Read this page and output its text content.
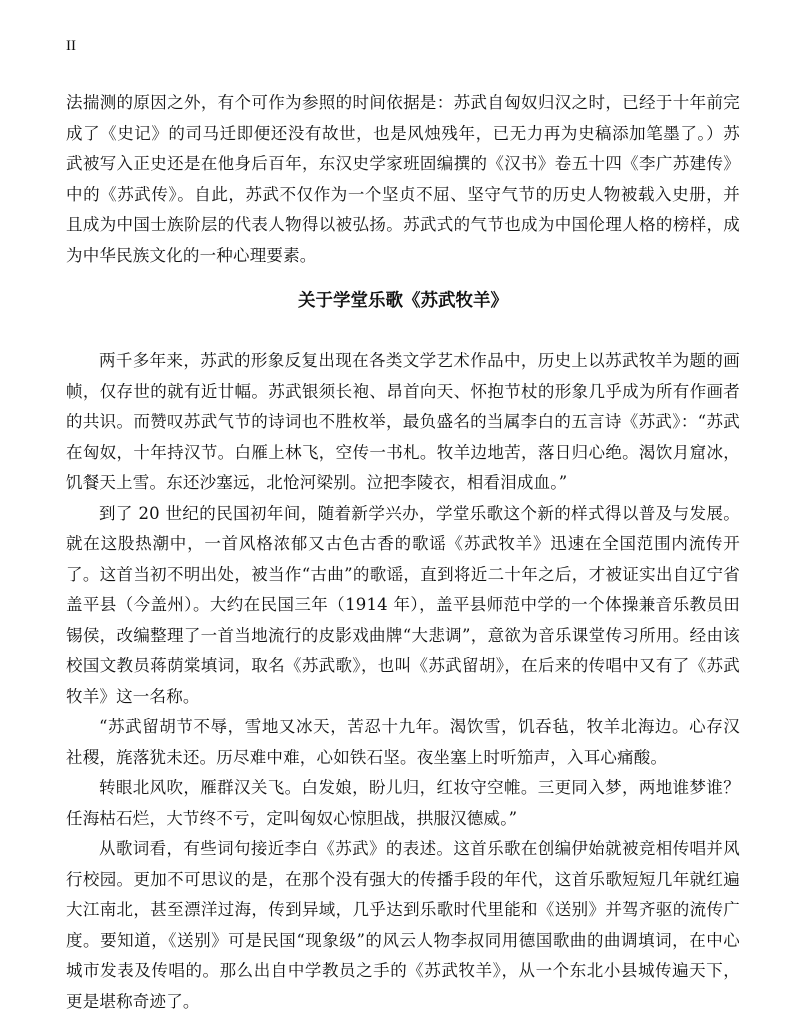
II

法揣测的原因之外，有个可作为参照的时间依据是：苏武自匈奴归汉之时，已经于十年前完成了《史记》的司马迁即便还没有故世，也是风烛残年，已无力再为史稿添加笔墨了。）苏武被写入正史还是在他身后百年，东汉史学家班固编撰的《汉书》卷五十四《李广苏建传》中的《苏武传》。自此，苏武不仅作为一个坚贞不屈、坚守气节的历史人物被载入史册，并且成为中国士族阶层的代表人物得以被弘扬。苏武式的气节也成为中国伦理人格的榜样，成为中华民族文化的一种心理要素。

关于学堂乐歌《苏武牧羊》

两千多年来，苏武的形象反复出现在各类文学艺术作品中，历史上以苏武牧羊为题的画帧，仅存世的就有近廿幅。苏武银须长袍、昂首向天、怀抱节杖的形象几乎成为所有作画者的共识。而赞叹苏武气节的诗词也不胜枚举，最负盛名的当属李白的五言诗《苏武》：“苏武在匈奴，十年持汉节。白雁上林飞，空传一书札。牧羊边地苦，落日归心绝。渴饮月窟冰，饥餐天上雪。东还沙塞远，北怆河梁别。泣把李陵衣，相看泪成血。”

到了 20 世纪的民国初年间，随着新学兴办，学堂乐歌这个新的样式得以普及与发展。就在这股热潮中，一首风格浓郁又古色古香的歌谣《苏武牧羊》迅速在全国范围内流传开了。这首当初不明出处，被当作“古曲”的歌谣，直到将近二十年之后，才被证实出自辽宁省盖平县（今盖州）。大约在民国三年（1914 年），盖平县师范中学的一个体操兼音乐教员田锡侯，改编整理了一首当地流行的皮影戏曲牌“大悲调”，意欲为音乐课堂传习所用。经由该校国文教员蒋荫棠填词，取名《苏武歌》，也叫《苏武留胡》，在后来的传唱中又有了《苏武牧羊》这一名称。

“苏武留胡节不辱，雪地又冰天，苦忍十九年。渴饮雪，饥吞毡，牧羊北海边。心存汉社稷，旄落犹未还。历尽难中难，心如铁石坚。夜坐塞上时听笳声，入耳心痛酸。

转眼北风吹，雁群汉关飞。白发娘，盼儿归，红妆守空帷。三更同入梦，两地谁梦谁？任海枯石烂，大节终不亏，定叫匈奴心惊胆战，拱服汉德威。”

从歌词看，有些词句接近李白《苏武》的表述。这首乐歌在创编伊始就被竞相传唱并风行校园。更加不可思议的是，在那个没有强大的传播手段的年代，这首乐歌短短几年就红遍大江南北，甚至漂洋过海，传到异域，几乎达到乐歌时代里能和《送别》并驾齐驱的流传广度。要知道，《送别》可是民国“现象级”的风云人物李叔同用德国歌曲的曲调填词，在中心城市发表及传唱的。那么出自中学教员之手的《苏武牧羊》，从一个东北小县城传遍天下，更是堪称奇迹了。
